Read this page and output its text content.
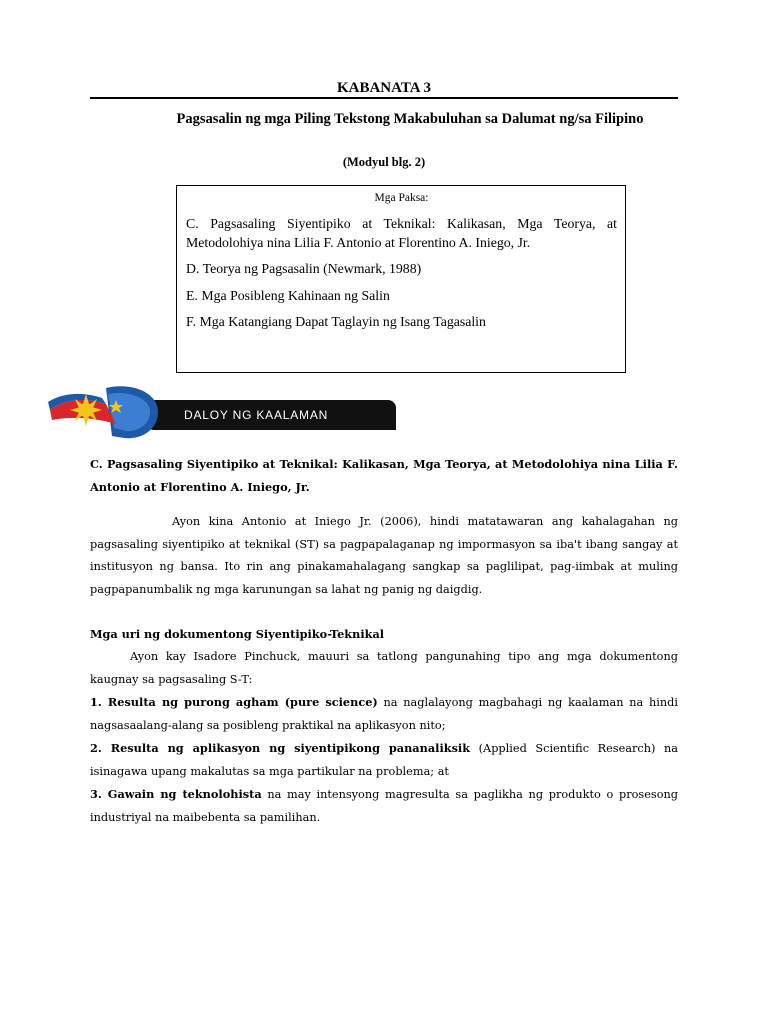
KABANATA 3
Pagsasalin ng mga Piling Tekstong Makabuluhan sa Dalumat ng/sa Filipino
(Modyul blg. 2)
Mga Paksa:
C. Pagsasaling Siyentipiko at Teknikal: Kalikasan, Mga Teorya, at Metodolohiya nina Lilia F. Antonio at Florentino A. Iniego, Jr.
D. Teorya ng Pagsasalin (Newmark, 1988)
E. Mga Posibleng Kahinaan ng Salin
F. Mga Katangiang Dapat Taglayin ng Isang Tagasalin
DALOY NG KAALAMAN
C. Pagsasaling Siyentipiko at Teknikal: Kalikasan, Mga Teorya, at Metodolohiya nina Lilia F. Antonio at Florentino A. Iniego, Jr.
Ayon kina Antonio at Iniego Jr. (2006), hindi matatawaran ang kahalagahan ng pagsasaling siyentipiko at teknikal (ST) sa pagpapalaganap ng impormasyon sa iba't ibang sangay at institusyon ng bansa. Ito rin ang pinakamahalagang sangkap sa paglilipat, pag-iimbak at muling pagpapanumbalik ng mga karunungan sa lahat ng panig ng daigdig.
Mga uri ng dokumentong Siyentipiko-Teknikal
Ayon kay Isadore Pinchuck, mauuri sa tatlong pangunahing tipo ang mga dokumentong kaugnay sa pagsasaling S-T:
1. Resulta ng purong agham (pure science) na naglalayong magbahagi ng kaalaman na hindi nagsasaalang-alang sa posibleng praktikal na aplikasyon nito;
2. Resulta ng aplikasyon ng siyentipikong pananaliksik (Applied Scientific Research) na isinagawa upang makalutas sa mga partikular na problema; at
3. Gawain ng teknolohista na may intensyong magresulta sa paglikha ng produkto o prosesong industriyal na maibebenta sa pamilihan.
